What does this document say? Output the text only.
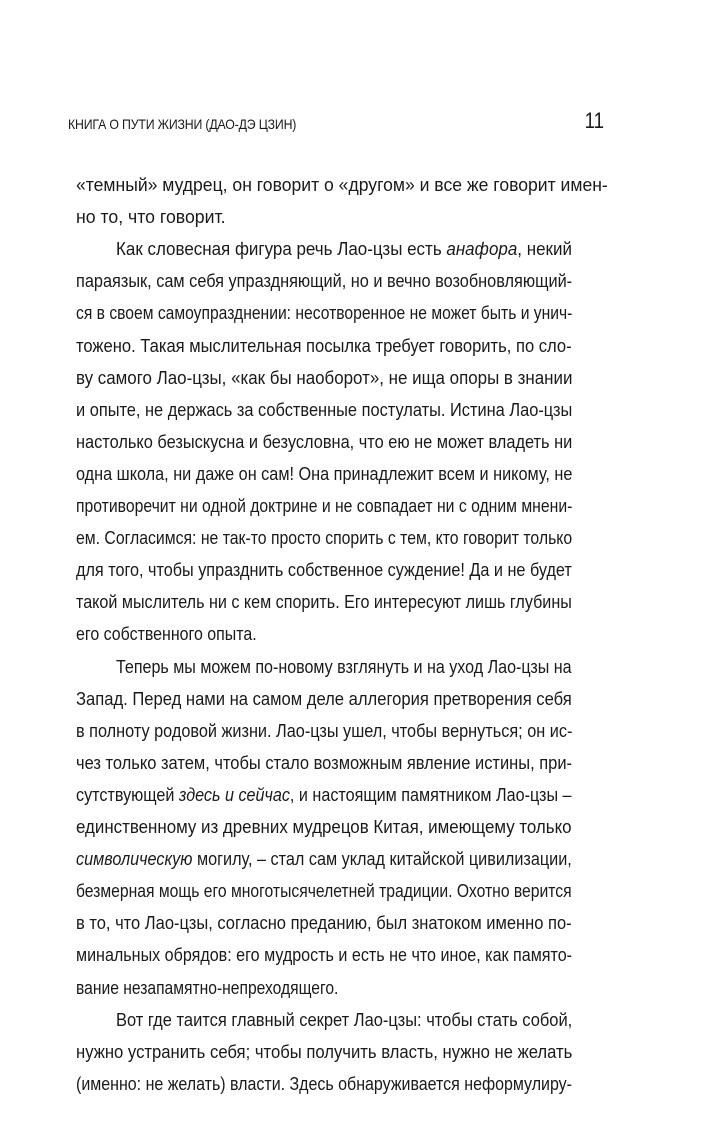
КНИГА О ПУТИ ЖИЗНИ (ДАО-ДЭ ЦЗИН)	11
«темный» мудрец, он говорит о «другом» и все же говорит имен-
но то, что говорит.
Как словесная фигура речь Лао-цзы есть анафора, некий
параязык, сам себя упраздняющий, но и вечно возобновляющий-
ся в своем самоупразднении: несотворенное не может быть и унич-
тожено. Такая мыслительная посылка требует говорить, по сло-
ву самого Лао-цзы, «как бы наоборот», не ища опоры в знании
и опыте, не держась за собственные постулаты. Истина Лао-цзы
настолько безыскусна и безусловна, что ею не может владеть ни
одна школа, ни даже он сам! Она принадлежит всем и никому, не
противоречит ни одной доктрине и не совпадает ни с одним мнени-
ем. Согласимся: не так-то просто спорить с тем, кто говорит только
для того, чтобы упразднить собственное суждение! Да и не будет
такой мыслитель ни с кем спорить. Его интересуют лишь глубины
его собственного опыта.
Теперь мы можем по-новому взглянуть и на уход Лао-цзы на
Запад. Перед нами на самом деле аллегория претворения себя
в полноту родовой жизни. Лао-цзы ушел, чтобы вернуться; он ис-
чез только затем, чтобы стало возможным явление истины, при-
сутствующей здесь и сейчас, и настоящим памятником Лао-цзы –
единственному из древних мудрецов Китая, имеющему только
символическую могилу, – стал сам уклад китайской цивилизации,
безмерная мощь его многотысячелетней традиции. Охотно верится
в то, что Лао-цзы, согласно преданию, был знатоком именно по-
минальных обрядов: его мудрость и есть не что иное, как памято-
вание незапамятно-непреходящего.
Вот где таится главный секрет Лао-цзы: чтобы стать собой,
нужно устранить себя; чтобы получить власть, нужно не желать
(именно: не желать) власти. Здесь обнаруживается неформулиру-
